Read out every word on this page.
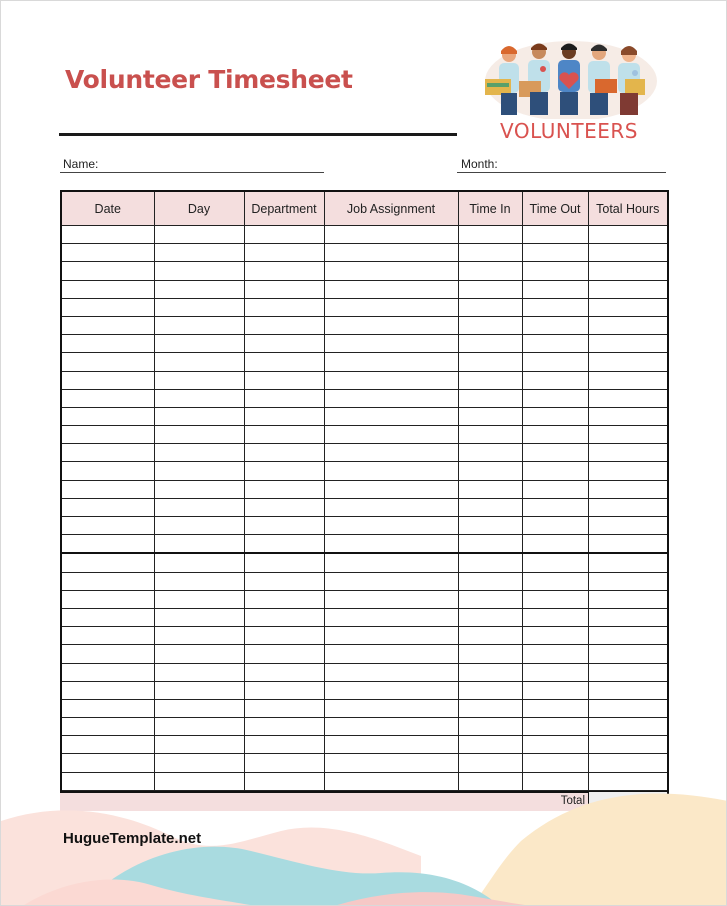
Volunteer Timesheet
VOLUNTEERS
Name:	Month:
Date	Day	Department	Job Assignment	Time In	Time Out	Total Hours

Total
HugueTemplate.net
